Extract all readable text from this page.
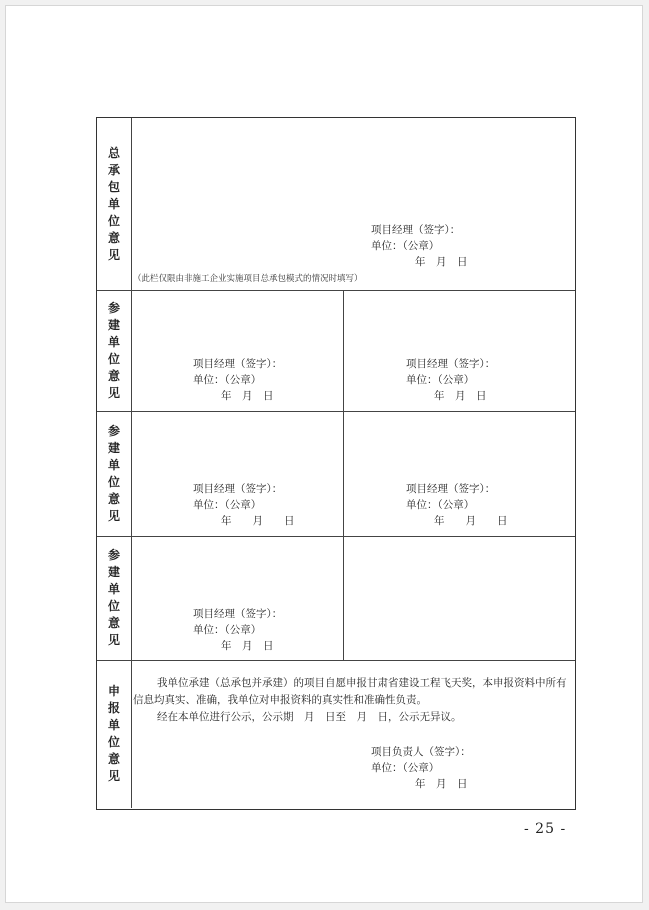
总承包单位意见
项目经理（签字）：
单位：（公章）
年　月　日
（此栏仅限由非施工企业实施项目总承包模式的情况时填写）
参建单位意见
项目经理（签字）：
单位：（公章）
年　月　日
项目经理（签字）：
单位：（公章）
年　月　日
参建单位意见
项目经理（签字）：
单位：（公章）
年　　月　　日
项目经理（签字）：
单位：（公章）
年　　月　　日
参建单位意见
项目经理（签字）：
单位：（公章）
年　月　日
申报单位意见

我单位承建（总承包并承建）的项目自愿申报甘肃省建设工程飞天奖，本申报资料中所有信息均真实、准确，我单位对申报资料的真实性和准确性负责。

经在本单位进行公示，公示期　月　日至　月　日，公示无异议。

项目负责人（签字）：
单位：（公章）
年　月　日
- 25 -
